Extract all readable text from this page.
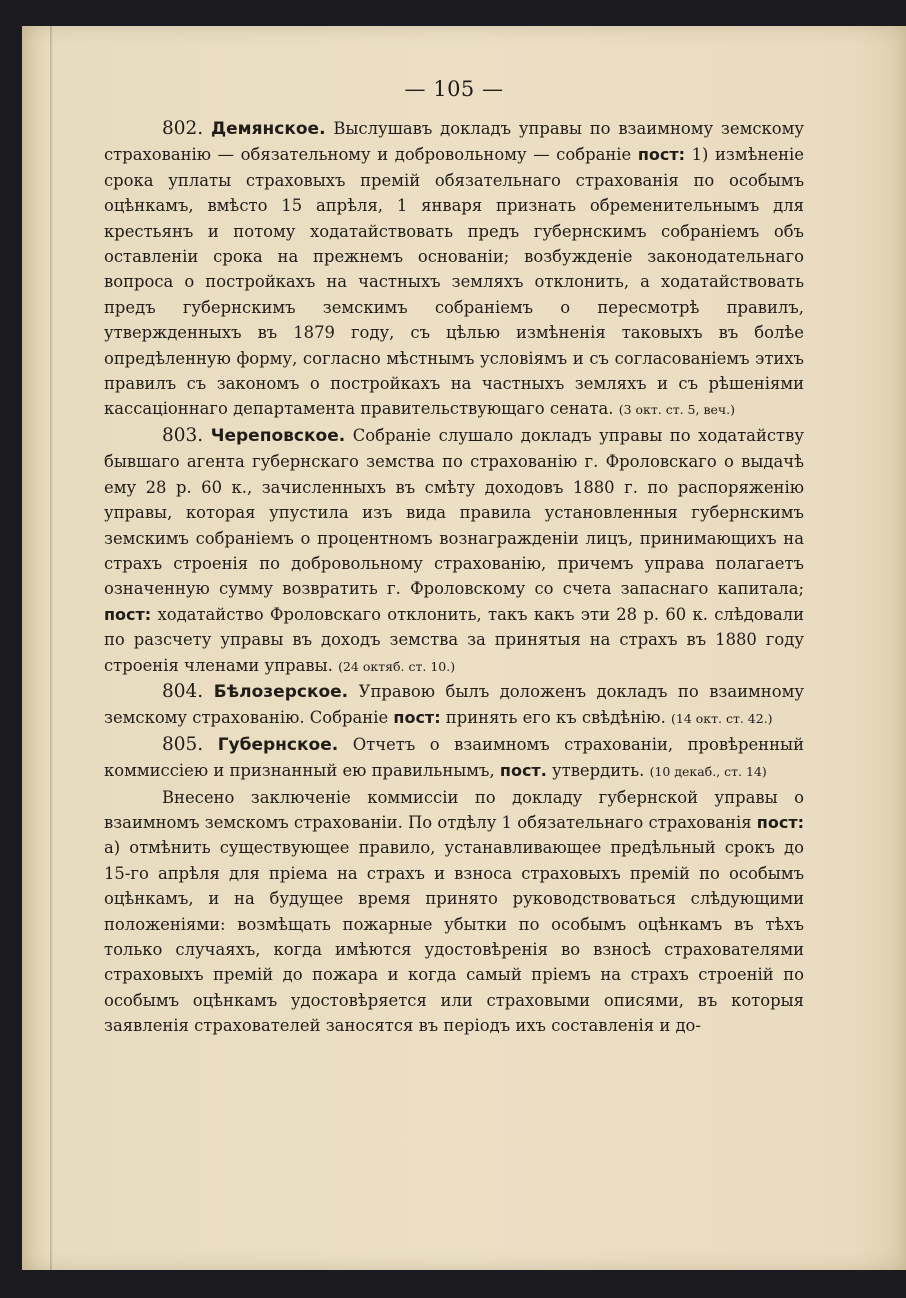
— 105 —

802. Демянское. Выслушавъ докладъ управы по взаимному земскому страхованію — обязательному и добровольному — собраніе пост: 1) измѣненіе срока уплаты страховыхъ премій обязательнаго страхованія по особымъ оцѣнкамъ, вмѣсто 15 апрѣля, 1 января признать обременительнымъ для крестьянъ и потому ходатайствовать предъ губернскимъ собраніемъ объ оставленіи срока на прежнемъ основаніи; возбужденіе законодательнаго вопроса о постройкахъ на частныхъ земляхъ отклонить, а ходатайствовать предъ губернскимъ земскимъ собраніемъ о пересмотрѣ правилъ, утвержденныхъ въ 1879 году, съ цѣлью измѣненія таковыхъ въ болѣе опредѣленную форму, согласно мѣстнымъ условіямъ и съ согласованіемъ этихъ правилъ съ закономъ о постройкахъ на частныхъ земляхъ и съ рѣшеніями кассаціоннаго департамента правительствующаго сената. (3 окт. ст. 5, веч.)

803. Череповское. Собраніе слушало докладъ управы по ходатайству бывшаго агента губернскаго земства по страхованію г. Фроловскаго о выдачѣ ему 28 р. 60 к., зачисленныхъ въ смѣту доходовъ 1880 г. по распоряженію управы, которая упустила изъ вида правила установленныя губернскимъ земскимъ собраніемъ о процентномъ вознагражденіи лицъ, принимающихъ на страхъ строенія по добровольному страхованію, причемъ управа полагаетъ означенную сумму возвратить г. Фроловскому со счета запаснаго капитала; пост: ходатайство Фроловскаго отклонить, такъ какъ эти 28 р. 60 к. слѣдовали по разсчету управы въ доходъ земства за принятыя на страхъ въ 1880 году строенія членами управы. (24 октяб. ст. 10.)

804. Бѣлозерское. Управою былъ доложенъ докладъ по взаимному земскому страхованію. Собраніе пост: принять его къ свѣдѣнію. (14 окт. ст. 42.)

805. Губернское. Отчетъ о взаимномъ страхованіи, провѣренный коммиссіею и признанный ею правильнымъ, пост. утвердить. (10 декаб., ст. 14)

Внесено заключеніе коммиссіи по докладу губернской управы о взаимномъ земскомъ страхованіи. По отдѣлу 1 обязательнаго страхованія пост: а) отмѣнить существующее правило, устанавливающее предѣльный срокъ до 15-го апрѣля для пріема на страхъ и взноса страховыхъ премій по особымъ оцѣнкамъ, и на будущее время принято руководствоваться слѣдующими положеніями: возмѣщать пожарные убытки по особымъ оцѣнкамъ въ тѣхъ только случаяхъ, когда имѣются удостовѣренія во взносѣ страхователями страховыхъ премій до пожара и когда самый пріемъ на страхъ строеній по особымъ оцѣнкамъ удостовѣряется или страховыми описями, въ которыя заявленія страхователей заносятся въ періодъ ихъ составленія и до-
